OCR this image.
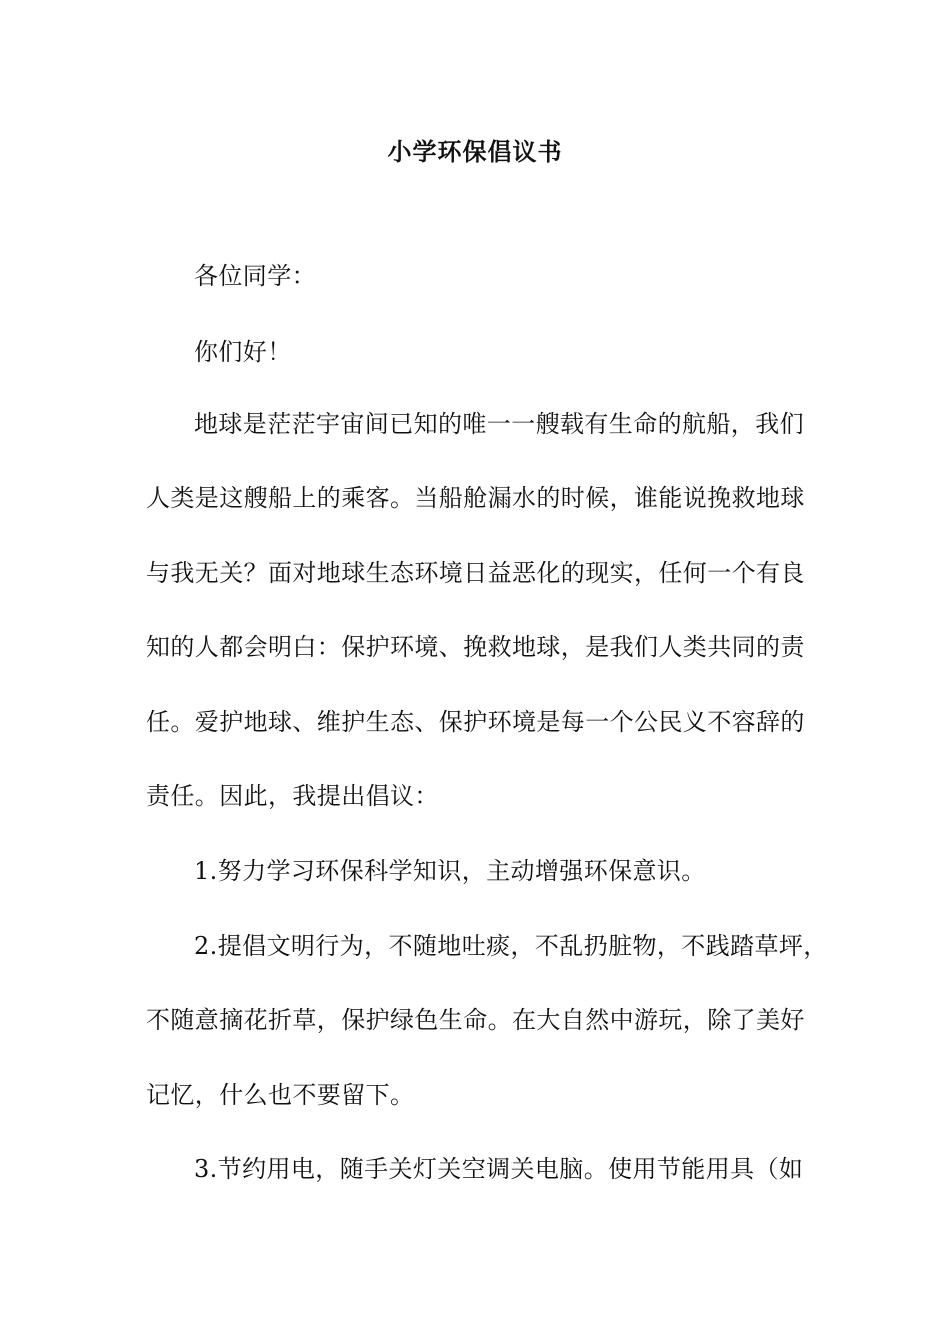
小学环保倡议书
各位同学：
你们好！
地球是茫茫宇宙间已知的唯一一艘载有生命的航船，我们
人类是这艘船上的乘客。当船舱漏水的时候，谁能说挽救地球
与我无关？面对地球生态环境日益恶化的现实，任何一个有良
知的人都会明白：保护环境、挽救地球，是我们人类共同的责
任。爱护地球、维护生态、保护环境是每一个公民义不容辞的
责任。因此，我提出倡议：
1.努力学习环保科学知识，主动增强环保意识。
2.提倡文明行为，不随地吐痰，不乱扔脏物，不践踏草坪，
不随意摘花折草，保护绿色生命。在大自然中游玩，除了美好
记忆，什么也不要留下。
3.节约用电，随手关灯关空调关电脑。使用节能用具（如
